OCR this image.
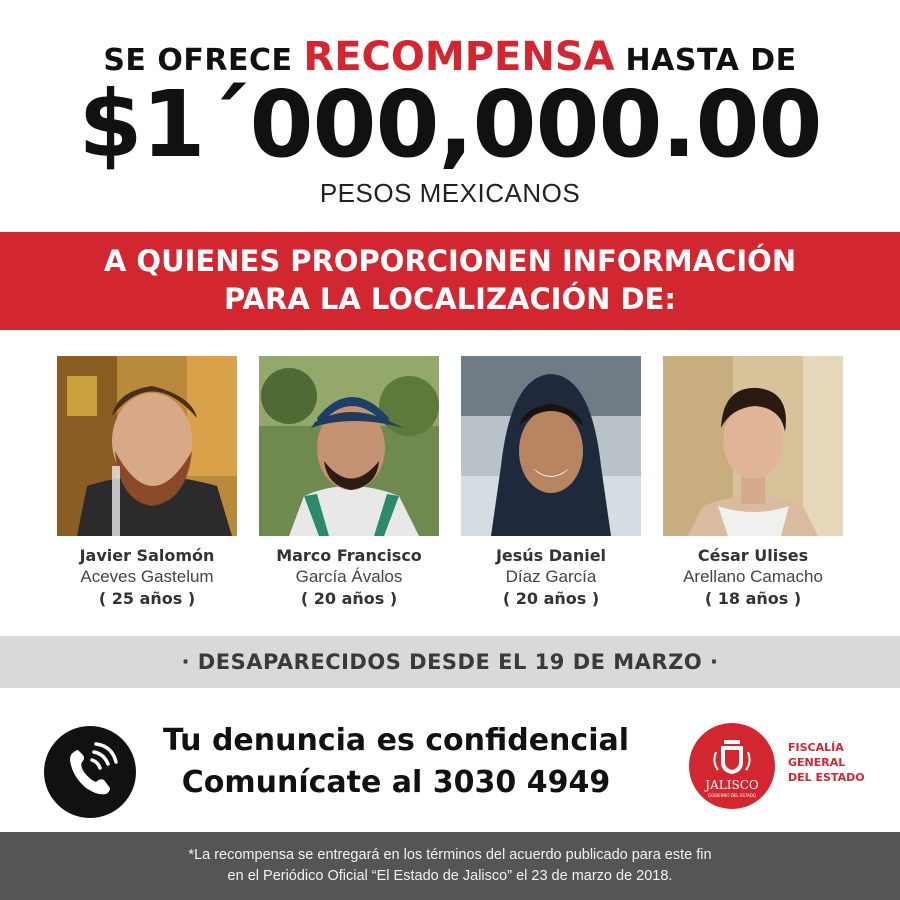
SE OFRECE RECOMPENSA HASTA DE
$1´000,000.00
PESOS MEXICANOS
A QUIENES PROPORCIONEN INFORMACIÓN
PARA LA LOCALIZACIÓN DE:
Javier Salomón
Aceves Gastelum
( 25 años )
Marco Francisco
García Ávalos
( 20 años )
Jesús Daniel
Díaz García
( 20 años )
César Ulises
Arellano Camacho
( 18 años )
· DESAPARECIDOS DESDE EL 19 DE MARZO ·
Tu denuncia es confidencial
Comunícate al 3030 4949	JALISCO
GOBIERNO DEL ESTADO
FISCALÍA
GENERAL
DEL ESTADO
*La recompensa se entregará en los términos del acuerdo publicado para este fin
en el Periódico Oficial “El Estado de Jalisco” el 23 de marzo de 2018.
